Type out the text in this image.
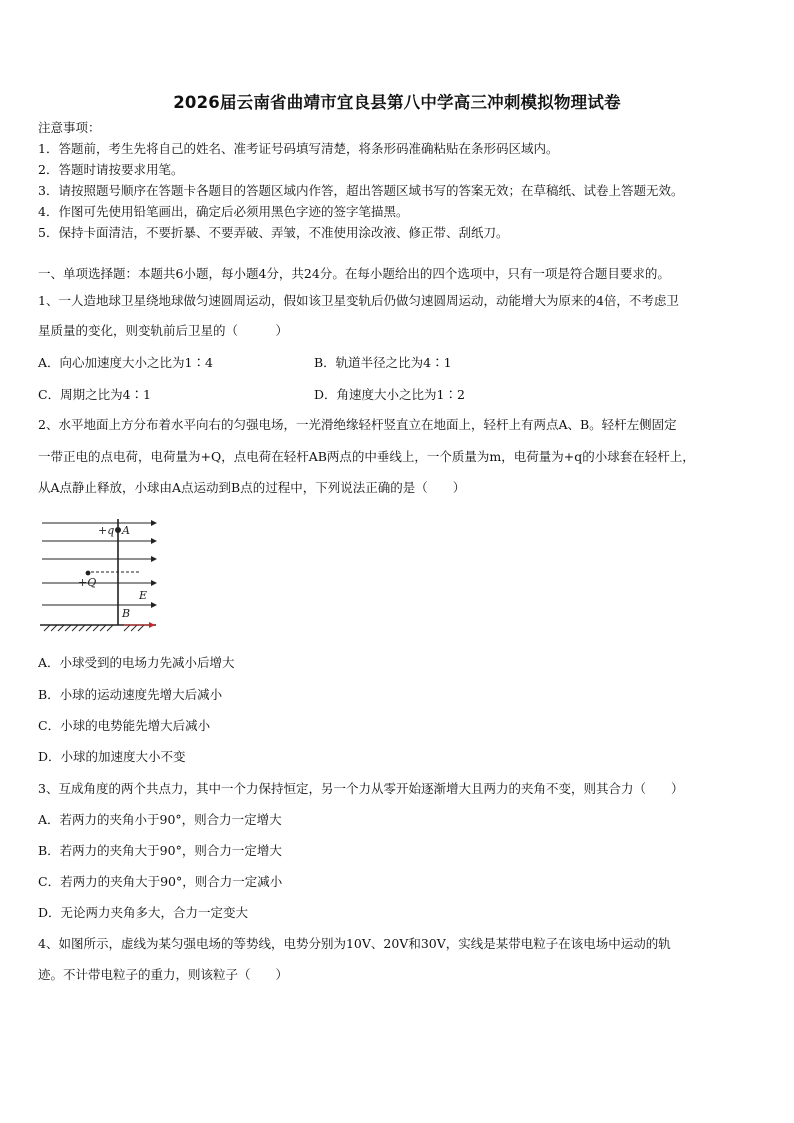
2026届云南省曲靖市宜良县第八中学高三冲刺模拟物理试卷
注意事项：
1．答题前，考生先将自己的姓名、准考证号码填写清楚，将条形码准确粘贴在条形码区域内。
2．答题时请按要求用笔。
3．请按照题号顺序在答题卡各题目的答题区域内作答，超出答题区域书写的答案无效；在草稿纸、试卷上答题无效。
4．作图可先使用铅笔画出，确定后必须用黑色字迹的签字笔描黑。
5．保持卡面清洁，不要折暴、不要弄破、弄皱，不准使用涂改液、修正带、刮纸刀。
一、单项选择题：本题共6小题，每小题4分，共24分。在每小题给出的四个选项中，只有一项是符合题目要求的。
1、一人造地球卫星绕地球做匀速圆周运动，假如该卫星变轨后仍做匀速圆周运动，动能增大为原来的4倍，不考虑卫
星质量的变化，则变轨前后卫星的（　　　）
A．向心加速度大小之比为1∶4	B．轨道半径之比为4∶1
C．周期之比为4∶1	D．角速度大小之比为1∶2
2、水平地面上方分布着水平向右的匀强电场，一光滑绝缘轻杆竖直立在地面上，轻杆上有两点A、B。轻杆左侧固定
一带正电的点电荷，电荷量为+Q，点电荷在轻杆AB两点的中垂线上，一个质量为m，电荷量为+q的小球套在轻杆上，
从A点静止释放，小球由A点运动到B点的过程中，下列说法正确的是（　　）
+q A
+Q
E
B
A．小球受到的电场力先减小后增大
B．小球的运动速度先增大后减小
C．小球的电势能先增大后减小
D．小球的加速度大小不变
3、互成角度的两个共点力，其中一个力保持恒定，另一个力从零开始逐渐增大且两力的夹角不变，则其合力（　　）
A．若两力的夹角小于90°，则合力一定增大
B．若两力的夹角大于90°，则合力一定增大
C．若两力的夹角大于90°，则合力一定减小
D．无论两力夹角多大，合力一定变大
4、如图所示，虚线为某匀强电场的等势线，电势分别为10V、20V和30V，实线是某带电粒子在该电场中运动的轨
迹。不计带电粒子的重力，则该粒子（　　）
